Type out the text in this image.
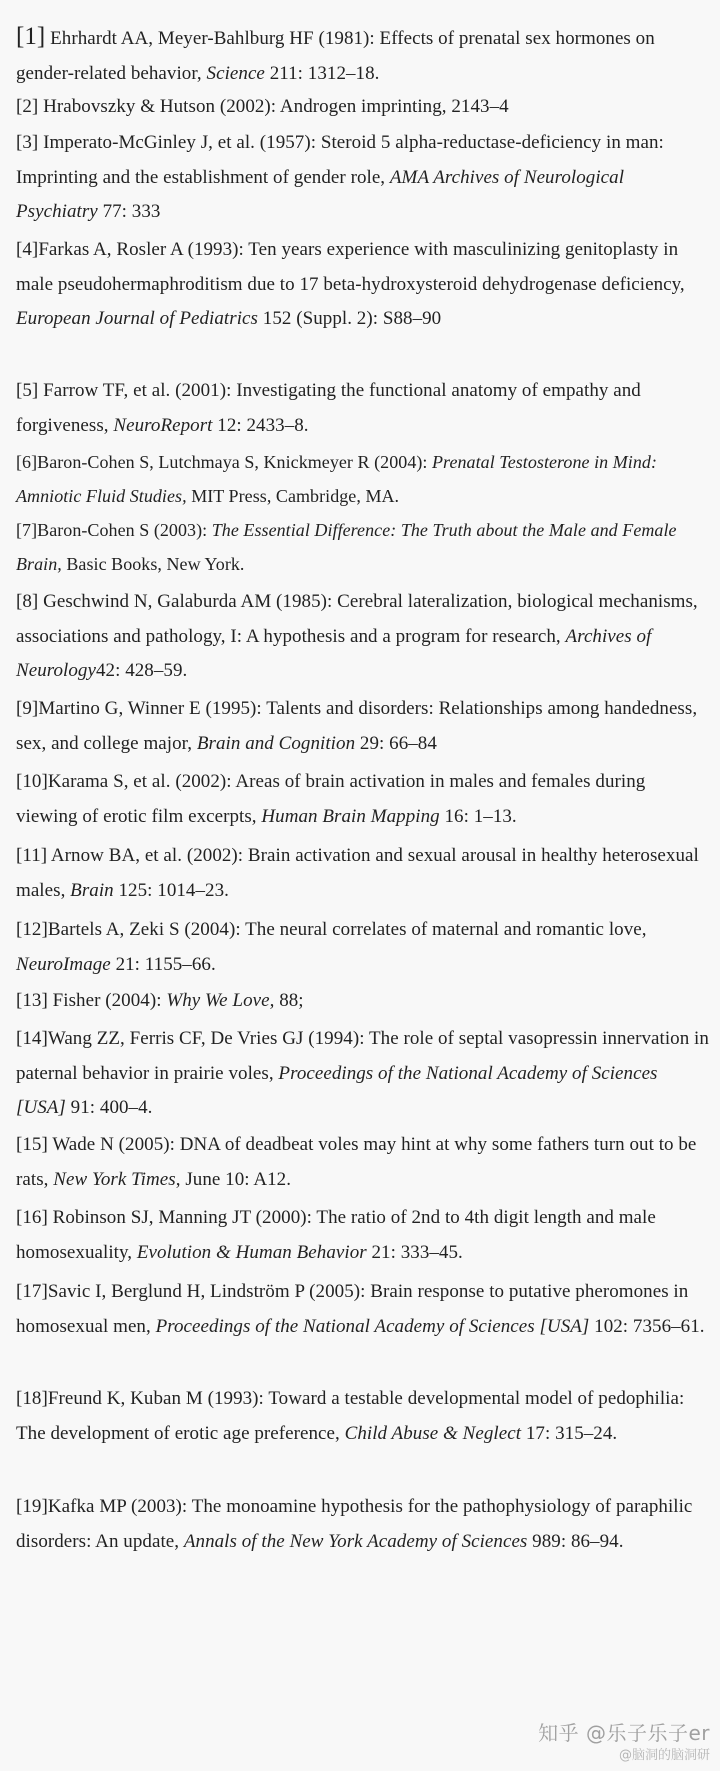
[1] Ehrhardt AA, Meyer-Bahlburg HF (1981): Effects of prenatal sex hormones on gender-related behavior, Science 211: 1312–18.
[2] Hrabovszky & Hutson (2002): Androgen imprinting, 2143–4
[3] Imperato-McGinley J, et al. (1957): Steroid 5 alpha-reductase-deficiency in man: Imprinting and the establishment of gender role, AMA Archives of Neurological Psychiatry 77: 333
[4]Farkas A, Rosler A (1993): Ten years experience with masculinizing genitoplasty in male pseudohermaphroditism due to 17 beta-hydroxysteroid dehydrogenase deficiency, European Journal of Pediatrics 152 (Suppl. 2): S88–90
[5] Farrow TF, et al. (2001): Investigating the functional anatomy of empathy and forgiveness, NeuroReport 12: 2433–8.
[6]Baron-Cohen S, Lutchmaya S, Knickmeyer R (2004): Prenatal Testosterone in Mind: Amniotic Fluid Studies, MIT Press, Cambridge, MA.
[7]Baron-Cohen S (2003): The Essential Difference: The Truth about the Male and Female Brain, Basic Books, New York.
[8] Geschwind N, Galaburda AM (1985): Cerebral lateralization, biological mechanisms, associations and pathology, I: A hypothesis and a program for research, Archives of Neurology42: 428–59.
[9]Martino G, Winner E (1995): Talents and disorders: Relationships among handedness, sex, and college major, Brain and Cognition 29: 66–84
[10]Karama S, et al. (2002): Areas of brain activation in males and females during viewing of erotic film excerpts, Human Brain Mapping 16: 1–13.
[11] Arnow BA, et al. (2002): Brain activation and sexual arousal in healthy heterosexual males, Brain 125: 1014–23.
[12]Bartels A, Zeki S (2004): The neural correlates of maternal and romantic love, NeuroImage 21: 1155–66.
[13] Fisher (2004): Why We Love, 88;
[14]Wang ZZ, Ferris CF, De Vries GJ (1994): The role of septal vasopressin innervation in paternal behavior in prairie voles, Proceedings of the National Academy of Sciences [USA] 91: 400–4.
[15] Wade N (2005): DNA of deadbeat voles may hint at why some fathers turn out to be rats, New York Times, June 10: A12.
[16] Robinson SJ, Manning JT (2000): The ratio of 2nd to 4th digit length and male homosexuality, Evolution & Human Behavior 21: 333–45.
[17]Savic I, Berglund H, Lindström P (2005): Brain response to putative pheromones in homosexual men, Proceedings of the National Academy of Sciences [USA] 102: 7356–61.
[18]Freund K, Kuban M (1993): Toward a testable developmental model of pedophilia: The development of erotic age preference, Child Abuse & Neglect 17: 315–24.
[19]Kafka MP (2003): The monoamine hypothesis for the pathophysiology of paraphilic disorders: An update, Annals of the New York Academy of Sciences 989: 86–94.
知乎 @乐子乐子er
@脑洞的脑洞研
